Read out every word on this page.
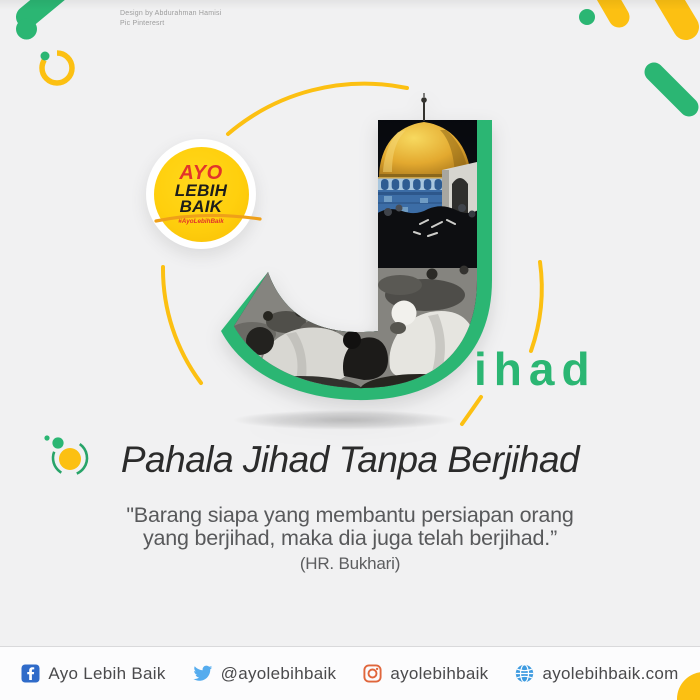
Design by Abdurahman Hamisi
Pic Pinteresrt
AYO
LEBIH
BAIK
#AyoLebihBaik
ihad
Pahala Jihad Tanpa Berjihad
"Barang siapa yang membantu persiapan orang
yang berjihad, maka dia juga telah berjihad.”
(HR. Bukhari)
Ayo Lebih Baik	@ayolebihbaik	ayolebihbaik	ayolebihbaik.com
